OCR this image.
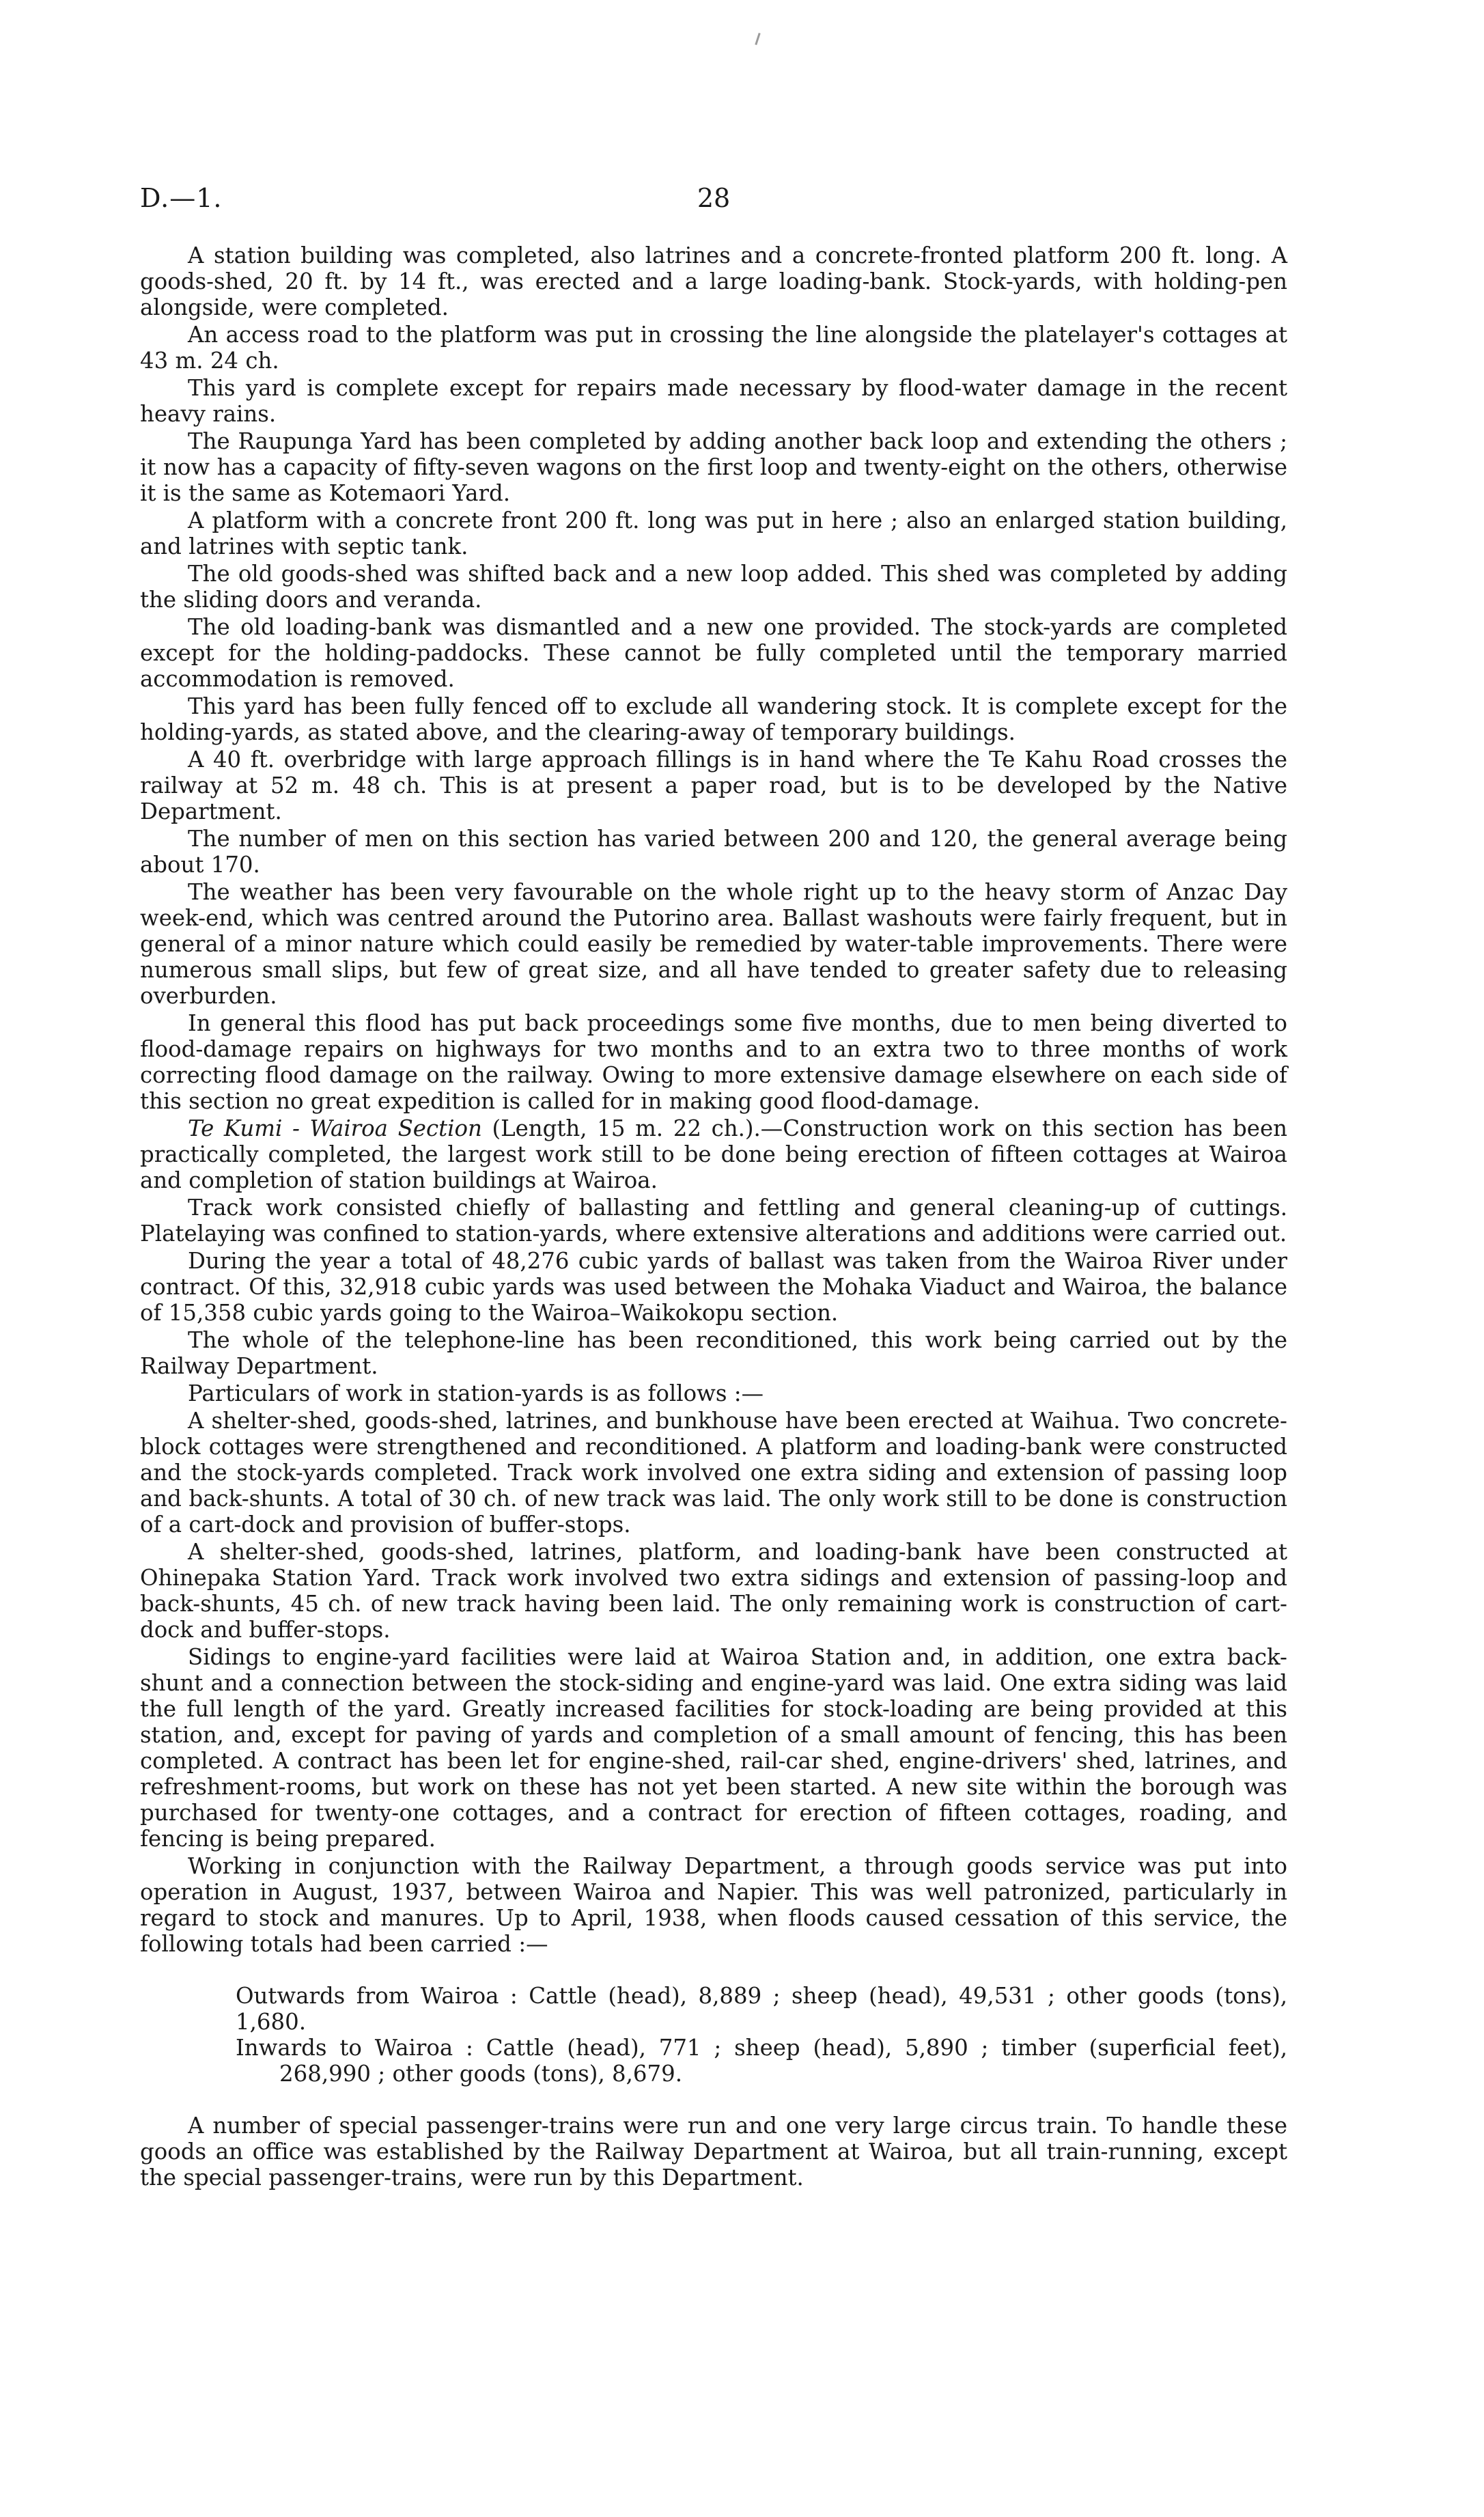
D.—1.	28

A station building was completed, also latrines and a concrete-fronted platform 200 ft. long. A goods-shed, 20 ft. by 14 ft., was erected and a large loading-bank. Stock-yards, with holding-pen alongside, were completed.

An access road to the platform was put in crossing the line alongside the platelayer's cottages at 43 m. 24 ch.

This yard is complete except for repairs made necessary by flood-water damage in the recent heavy rains.

The Raupunga Yard has been completed by adding another back loop and extending the others ; it now has a capacity of fifty-seven wagons on the first loop and twenty-eight on the others, otherwise it is the same as Kotemaori Yard.

A platform with a concrete front 200 ft. long was put in here ; also an enlarged station building, and latrines with septic tank.

The old goods-shed was shifted back and a new loop added. This shed was completed by adding the sliding doors and veranda.

The old loading-bank was dismantled and a new one provided. The stock-yards are completed except for the holding-paddocks. These cannot be fully completed until the temporary married accommodation is removed.

This yard has been fully fenced off to exclude all wandering stock. It is complete except for the holding-yards, as stated above, and the clearing-away of temporary buildings.

A 40 ft. overbridge with large approach fillings is in hand where the Te Kahu Road crosses the railway at 52 m. 48 ch. This is at present a paper road, but is to be developed by the Native Department.

The number of men on this section has varied between 200 and 120, the general average being about 170.

The weather has been very favourable on the whole right up to the heavy storm of Anzac Day week-end, which was centred around the Putorino area. Ballast washouts were fairly frequent, but in general of a minor nature which could easily be remedied by water-table improvements. There were numerous small slips, but few of great size, and all have tended to greater safety due to releasing overburden.

In general this flood has put back proceedings some five months, due to men being diverted to flood-damage repairs on highways for two months and to an extra two to three months of work correcting flood damage on the railway. Owing to more extensive damage elsewhere on each side of this section no great expedition is called for in making good flood-damage.

Te Kumi - Wairoa Section (Length, 15 m. 22 ch.).—Construction work on this section has been practically completed, the largest work still to be done being erection of fifteen cottages at Wairoa and completion of station buildings at Wairoa.

Track work consisted chiefly of ballasting and fettling and general cleaning-up of cuttings. Platelaying was confined to station-yards, where extensive alterations and additions were carried out.

During the year a total of 48,276 cubic yards of ballast was taken from the Wairoa River under contract. Of this, 32,918 cubic yards was used between the Mohaka Viaduct and Wairoa, the balance of 15,358 cubic yards going to the Wairoa–Waikokopu section.

The whole of the telephone-line has been reconditioned, this work being carried out by the Railway Department.

Particulars of work in station-yards is as follows :—

A shelter-shed, goods-shed, latrines, and bunkhouse have been erected at Waihua. Two concrete-block cottages were strengthened and reconditioned. A platform and loading-bank were constructed and the stock-yards completed. Track work involved one extra siding and extension of passing loop and back-shunts. A total of 30 ch. of new track was laid. The only work still to be done is construction of a cart-dock and provision of buffer-stops.

A shelter-shed, goods-shed, latrines, platform, and loading-bank have been constructed at Ohinepaka Station Yard. Track work involved two extra sidings and extension of passing-loop and back-shunts, 45 ch. of new track having been laid. The only remaining work is construction of cart-dock and buffer-stops.

Sidings to engine-yard facilities were laid at Wairoa Station and, in addition, one extra back-shunt and a connection between the stock-siding and engine-yard was laid. One extra siding was laid the full length of the yard. Greatly increased facilities for stock-loading are being provided at this station, and, except for paving of yards and completion of a small amount of fencing, this has been completed. A contract has been let for engine-shed, rail-car shed, engine-drivers' shed, latrines, and refreshment-rooms, but work on these has not yet been started. A new site within the borough was purchased for twenty-one cottages, and a contract for erection of fifteen cottages, roading, and fencing is being prepared.

Working in conjunction with the Railway Department, a through goods service was put into operation in August, 1937, between Wairoa and Napier. This was well patronized, particularly in regard to stock and manures. Up to April, 1938, when floods caused cessation of this service, the following totals had been carried :—

Outwards from Wairoa : Cattle (head), 8,889 ; sheep (head), 49,531 ; other goods (tons), 1,680.

Inwards to Wairoa : Cattle (head), 771 ; sheep (head), 5,890 ; timber (superficial feet), 268,990 ; other goods (tons), 8,679.

A number of special passenger-trains were run and one very large circus train. To handle these goods an office was established by the Railway Department at Wairoa, but all train-running, except the special passenger-trains, were run by this Department.
